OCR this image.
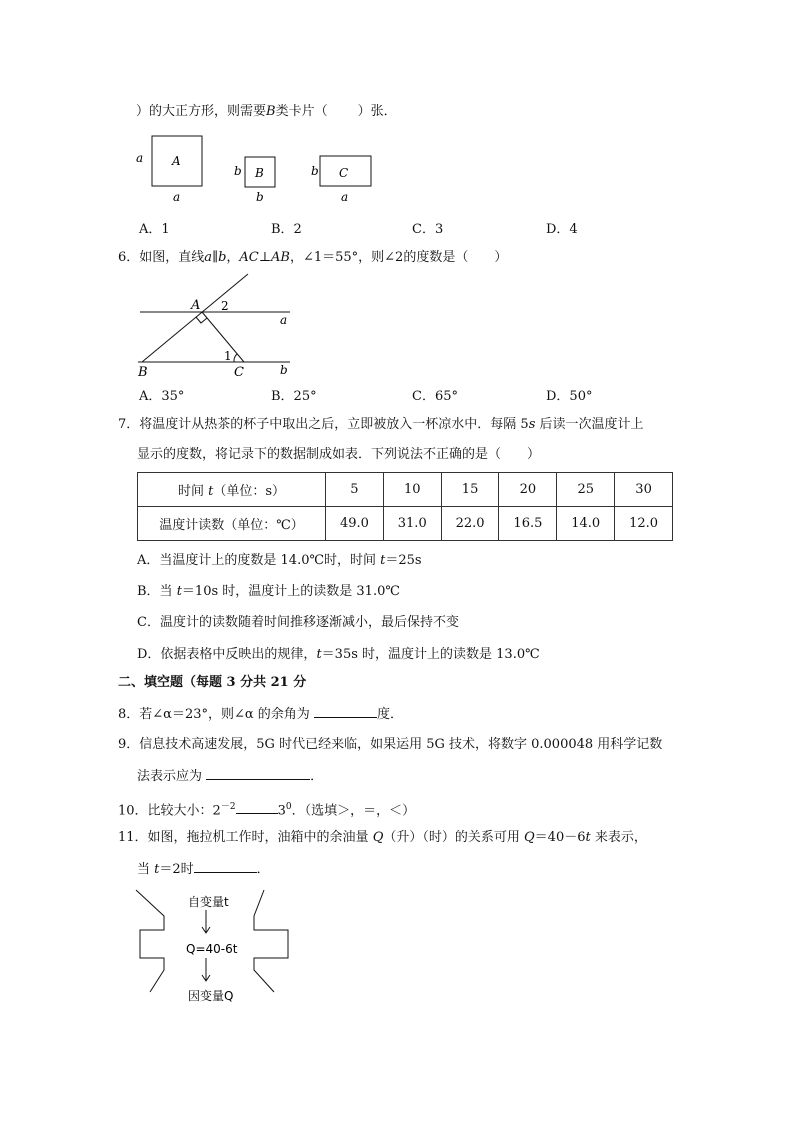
）的大正方形，则需要B类卡片（ ）张．
a A
a
b B
b
b C
a
A．1	B．2	C．3	D．4
6．如图，直线a∥b，AC⊥AB，∠1＝55°，则∠2的度数是（　　）
A 2
a
1
B	C	b
A．35°	B．25°	C．65°	D．50°
7．将温度计从热茶的杯子中取出之后，立即被放入一杯凉水中．每隔 5s 后读一次温度计上
显示的度数，将记录下的数据制成如表．下列说法不正确的是（　　）
时间 t（单位：s）	5	10	15	20	25	30
温度计读数（单位：℃）	49.0	31.0	22.0	16.5	14.0	12.0
A．当温度计上的度数是 14.0℃时，时间 t＝25s
B．当 t＝10s 时，温度计上的读数是 31.0℃
C．温度计的读数随着时间推移逐渐减小，最后保持不变
D．依据表格中反映出的规律，t＝35s 时，温度计上的读数是 13.0℃
二、填空题（每题 3 分共 21 分
8．若∠α＝23°，则∠α 的余角为	度．
9．信息技术高速发展，5G 时代已经来临，如果运用 5G 技术，将数字 0.000048 用科学记数
法表示应为	．
10．比较大小：$2^{-2}$	$3^0$．（选填＞，＝，＜）
11．如图，拖拉机工作时，油箱中的余油量 Q（升）（时）的关系可用 Q＝40－6t 来表示，
当 t＝2时	．
自变量t
Q=40-6t
因变量Q
